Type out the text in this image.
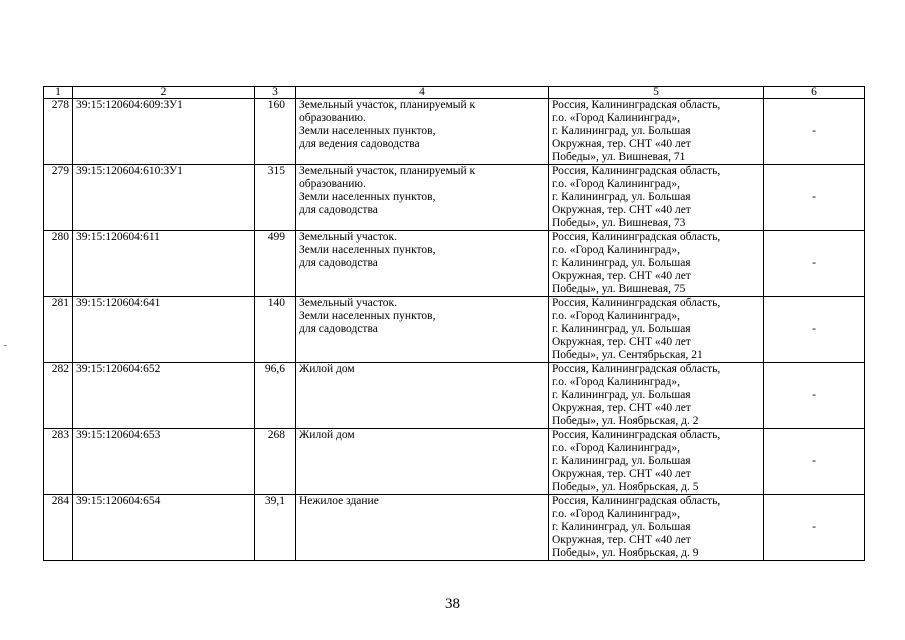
1	2	3	4	5	6
278	39:15:120604:609:ЗУ1	160	Земельный участок, планируемый к
образованию.
Земли населенных пунктов,
для ведения садоводства	Россия, Калининградская область,
г.о. «Город Калининград»,
г. Калининград, ул. Большая
Окружная, тер. СНТ «40 лет
Победы», ул. Вишневая, 71	-
279	39:15:120604:610:ЗУ1	315	Земельный участок, планируемый к
образованию.
Земли населенных пунктов,
для садоводства	Россия, Калининградская область,
г.о. «Город Калининград»,
г. Калининград, ул. Большая
Окружная, тер. СНТ «40 лет
Победы», ул. Вишневая, 73	-
280	39:15:120604:611	499	Земельный участок.
Земли населенных пунктов,
для садоводства	Россия, Калининградская область,
г.о. «Город Калининград»,
г. Калининград, ул. Большая
Окружная, тер. СНТ «40 лет
Победы», ул. Вишневая, 75	-
281	39:15:120604:641	140	Земельный участок.
Земли населенных пунктов,
для садоводства	Россия, Калининградская область,
г.о. «Город Калининград»,
г. Калининград, ул. Большая
Окружная, тер. СНТ «40 лет
Победы», ул. Сентябрьская, 21	-
282	39:15:120604:652	96,6	Жилой дом	Россия, Калининградская область,
г.о. «Город Калининград»,
г. Калининград, ул. Большая
Окружная, тер. СНТ «40 лет
Победы», ул. Ноябрьская, д. 2	-
283	39:15:120604:653	268	Жилой дом	Россия, Калининградская область,
г.о. «Город Калининград»,
г. Калининград, ул. Большая
Окружная, тер. СНТ «40 лет
Победы», ул. Ноябрьская, д. 5	-
284	39:15:120604:654	39,1	Нежилое здание	Россия, Калининградская область,
г.о. «Город Калининград»,
г. Калининград, ул. Большая
Окружная, тер. СНТ «40 лет
Победы», ул. Ноябрьская, д. 9	-
38
